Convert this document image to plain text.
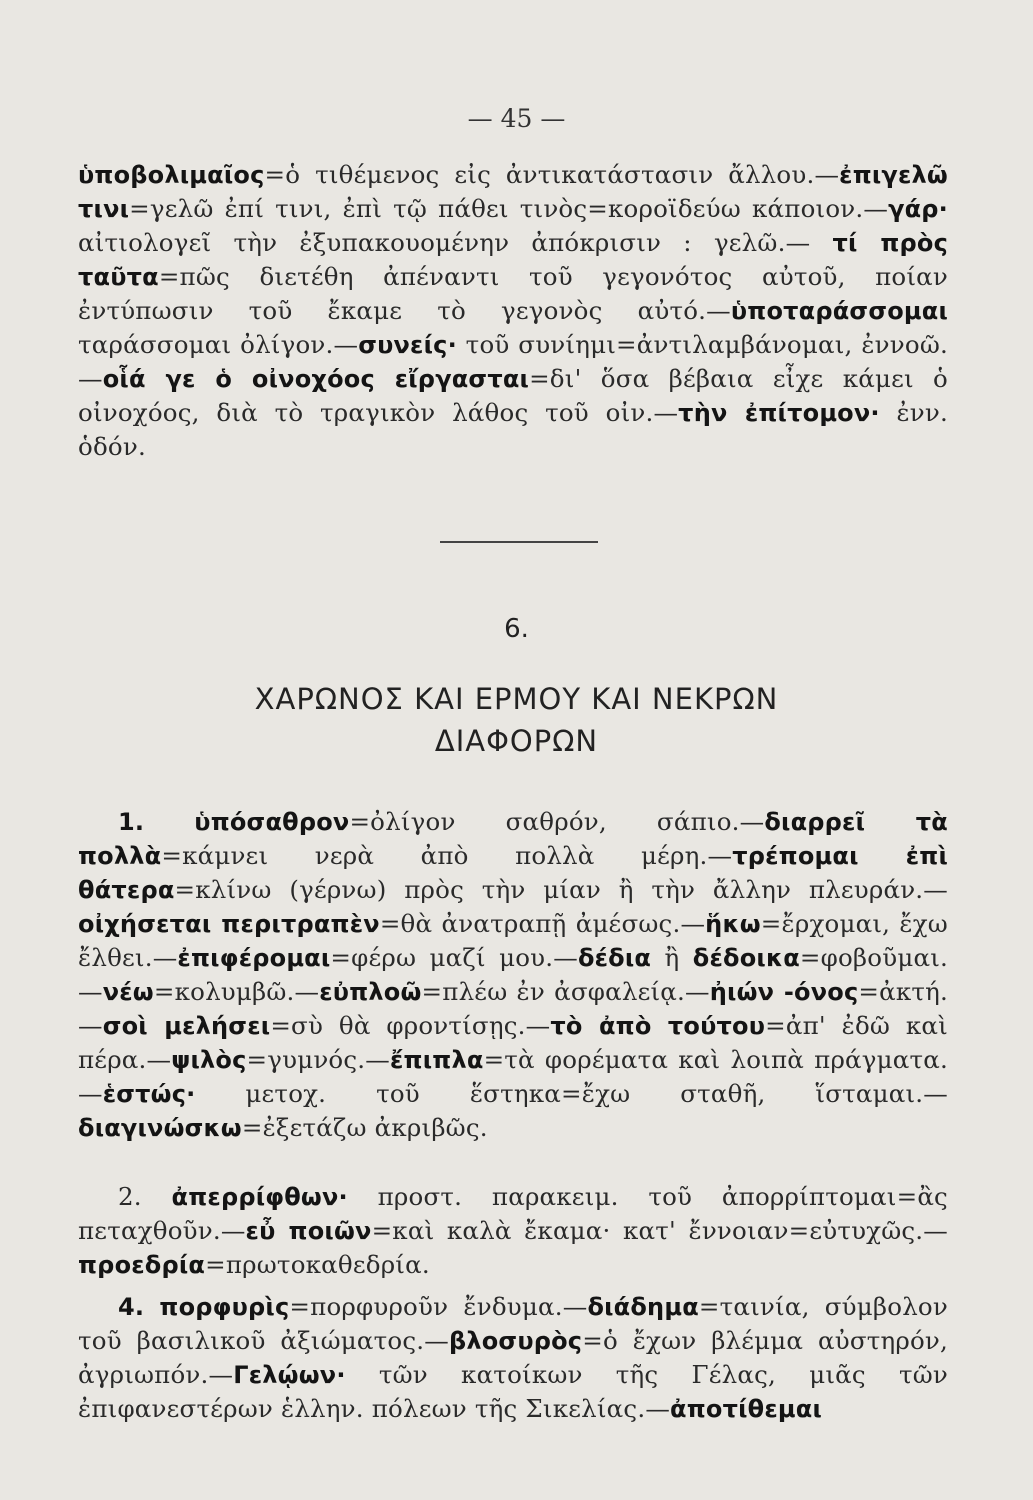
— 45 —
ὑποβολιμαῖος=ὁ τιθέμενος εἰς ἀντικατάστασιν ἄλλου.—ἐπιγελῶ τινι=γελῶ ἐπί τινι, ἐπὶ τῷ πάθει τινὸς=κοροϊδεύω κάποιον.—γάρ· αἰτιολογεῖ τὴν ἐξυπακουομένην ἀπόκρισιν : γελῶ.— τί πρὸς ταῦτα=πῶς διετέθη ἀπέναντι τοῦ γεγονότος αὐτοῦ, ποίαν ἐντύπωσιν τοῦ ἔκαμε τὸ γεγονὸς αὐτό.—ὑποταράσσομαι ταράσσομαι ὀλίγον.—συνείς· τοῦ συνίημι=ἀντιλαμβάνομαι, ἐννοῶ.—οἷά γε ὁ οἰνοχόος εἴργασται=δι' ὅσα βέβαια εἶχε κάμει ὁ οἰνοχόος, διὰ τὸ τραγικὸν λάθος τοῦ οἰν.—τὴν ἐπίτομον· ἐνν. ὁδόν.
6.
ΧΑΡΩΝΟΣ ΚΑΙ ΕΡΜΟΥ ΚΑΙ ΝΕΚΡΩΝ
ΔΙΑΦΟΡΩΝ
1. ὑπόσαθρον=ὀλίγον σαθρόν, σάπιο.—διαρρεῖ τὰ πολλὰ=κάμνει νερὰ ἀπὸ πολλὰ μέρη.—τρέπομαι ἐπὶ θάτερα=κλίνω (γέρνω) πρὸς τὴν μίαν ἢ τὴν ἄλλην πλευράν.—οἰχήσεται περιτραπὲν=θὰ ἀνατραπῇ ἀμέσως.—ἥκω=ἔρχομαι, ἔχω ἔλθει.—ἐπιφέρομαι=φέρω μαζί μου.—δέδια ἢ δέδοικα=φοβοῦμαι.—νέω=κολυμβῶ.—εὐπλοῶ=πλέω ἐν ἀσφαλείᾳ.—ἠιών -όνος=ἀκτή.—σοὶ μελήσει=σὺ θὰ φροντίσῃς.—τὸ ἀπὸ τούτου=ἀπ' ἐδῶ καὶ πέρα.—ψιλὸς=γυμνός.—ἔπιπλα=τὰ φορέματα καὶ λοιπὰ πράγματα.—ἑστώς· μετοχ. τοῦ ἕστηκα=ἔχω σταθῆ, ἵσταμαι.—διαγινώσκω=ἐξετάζω ἀκριβῶς.
2. ἀπερρίφθων· προστ. παρακειμ. τοῦ ἀπορρίπτομαι=ἂς πεταχθοῦν.—εὖ ποιῶν=καὶ καλὰ ἔκαμα· κατ' ἔννοιαν=εὐτυχῶς.—προεδρία=πρωτοκαθεδρία.
4. πορφυρὶς=πορφυροῦν ἔνδυμα.—διάδημα=ταινία, σύμβολον τοῦ βασιλικοῦ ἀξιώματος.—βλοσυρὸς=ὁ ἔχων βλέμμα αὐστηρόν, ἀγριωπόν.—Γελῴων· τῶν κατοίκων τῆς Γέλας, μιᾶς τῶν ἐπιφανεστέρων ἑλλην. πόλεων τῆς Σικελίας.—ἀποτίθεμαι
